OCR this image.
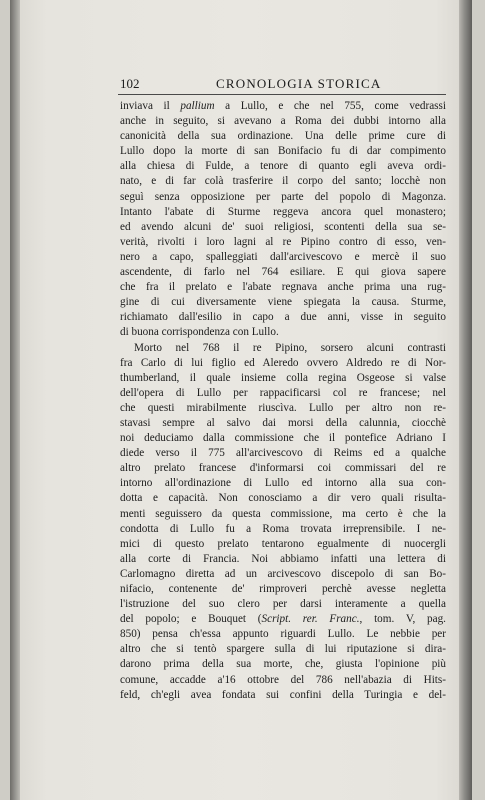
102	CRONOLOGIA STORICA
inviava il pallium a Lullo, e che nel 755, come vedrassi
anche in seguito, si avevano a Roma dei dubbi intorno alla
canonicità della sua ordinazione. Una delle prime cure di
Lullo dopo la morte di san Bonifacio fu di dar compimento
alla chiesa di Fulde, a tenore di quanto egli aveva ordi-
nato, e di far colà trasferire il corpo del santo; locchè non
seguì senza opposizione per parte del popolo di Magonza.
Intanto l'abate di Sturme reggeva ancora quel monastero;
ed avendo alcuni de' suoi religiosi, scontenti della sua se-
verità, rivolti i loro lagni al re Pipino contro di esso, ven-
nero a capo, spalleggiati dall'arcivescovo e mercè il suo
ascendente, di farlo nel 764 esiliare. E qui giova sapere
che fra il prelato e l'abate regnava anche prima una rug-
gine di cui diversamente viene spiegata la causa. Sturme,
richiamato dall'esilio in capo a due anni, visse in seguito
di buona corrispondenza con Lullo.
Morto nel 768 il re Pipino, sorsero alcuni contrasti
fra Carlo di lui figlio ed Aleredo ovvero Aldredo re di Nor-
thumberland, il quale insieme colla regina Osgeose si valse
dell'opera di Lullo per rappacificarsi col re francese; nel
che questi mirabilmente riuscìva. Lullo per altro non re-
stavasi sempre al salvo dai morsi della calunnia, ciocchè
noi deduciamo dalla commissione che il pontefice Adriano I
diede verso il 775 all'arcivescovo di Reims ed a qualche
altro prelato francese d'informarsi coi commissari del re
intorno all'ordinazione di Lullo ed intorno alla sua con-
dotta e capacità. Non conosciamo a dir vero quali risulta-
menti seguissero da questa commissione, ma certo è che la
condotta di Lullo fu a Roma trovata irreprensibile. I ne-
mici di questo prelato tentarono egualmente di nuocergli
alla corte di Francia. Noi abbiamo infatti una lettera di
Carlomagno diretta ad un arcivescovo discepolo di san Bo-
nifacio, contenente de' rimproveri perchè avesse negletta
l'istruzione del suo clero per darsi interamente a quella
del popolo; e Bouquet (Script. rer. Franc., tom. V, pag.
850) pensa ch'essa appunto riguardi Lullo. Le nebbie per
altro che si tentò spargere sulla di lui riputazione si dira-
darono prima della sua morte, che, giusta l'opinione più
comune, accadde a'16 ottobre del 786 nell'abazia di Hits-
feld, ch'egli avea fondata sui confini della Turingia e del-
